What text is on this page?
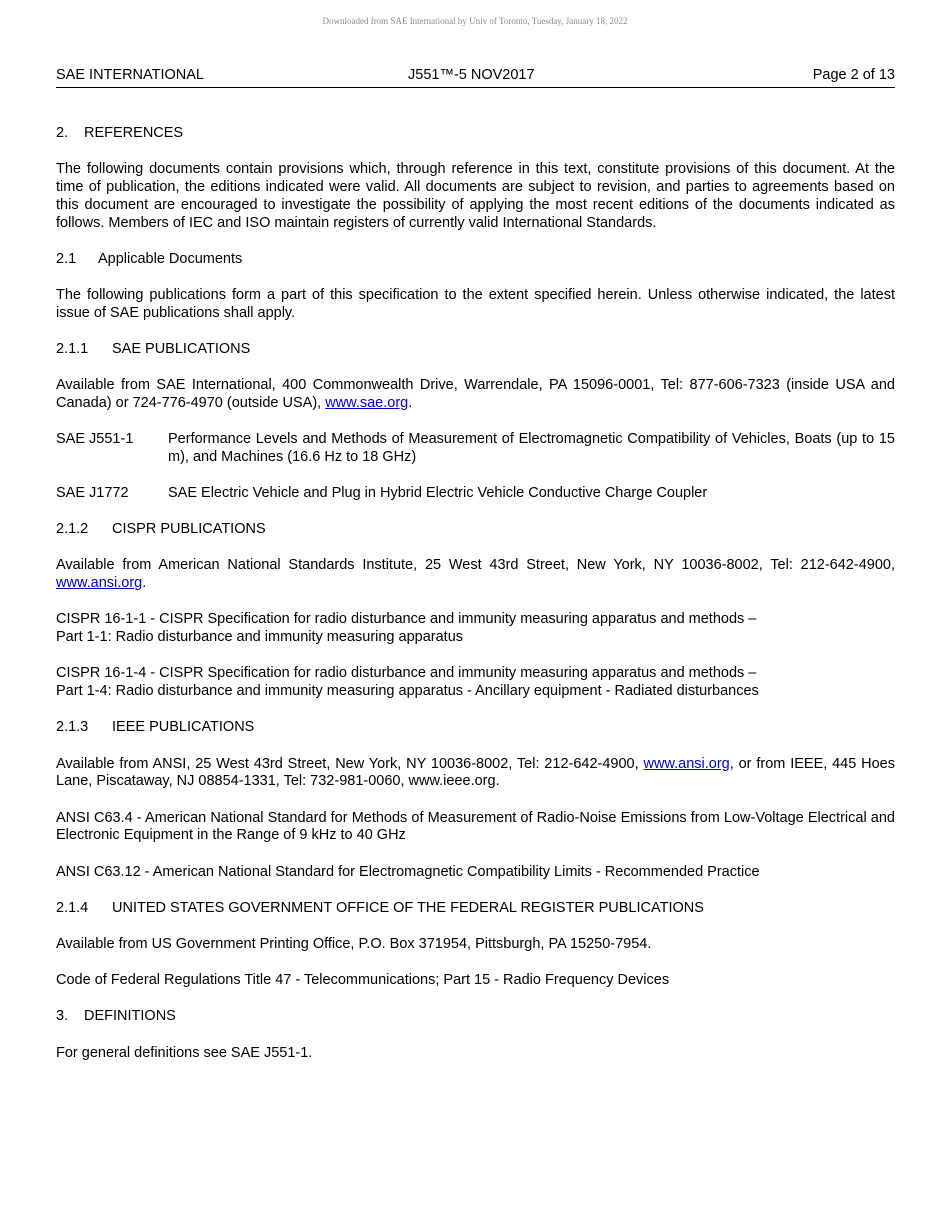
Downloaded from SAE International by Univ of Toronto, Tuesday, January 18, 2022
SAE INTERNATIONAL	J551™-5 NOV2017	Page 2 of 13
2. REFERENCES

The following documents contain provisions which, through reference in this text, constitute provisions of this document. At the time of publication, the editions indicated were valid. All documents are subject to revision, and parties to agreements based on this document are encouraged to investigate the possibility of applying the most recent editions of the documents indicated as follows. Members of IEC and ISO maintain registers of currently valid International Standards.

2.1 Applicable Documents

The following publications form a part of this specification to the extent specified herein. Unless otherwise indicated, the latest issue of SAE publications shall apply.

2.1.1 SAE PUBLICATIONS

Available from SAE International, 400 Commonwealth Drive, Warrendale, PA 15096-0001, Tel: 877-606-7323 (inside USA and Canada) or 724-776-4970 (outside USA), www.sae.org.

SAE J551-1	Performance Levels and Methods of Measurement of Electromagnetic Compatibility of Vehicles, Boats (up to 15 m), and Machines (16.6 Hz to 18 GHz)
SAE J1772	SAE Electric Vehicle and Plug in Hybrid Electric Vehicle Conductive Charge Coupler
2.1.2 CISPR PUBLICATIONS

Available from American National Standards Institute, 25 West 43rd Street, New York, NY 10036-8002, Tel: 212-642-4900, www.ansi.org.

CISPR 16-1-1 - CISPR Specification for radio disturbance and immunity measuring apparatus and methods –
Part 1-1: Radio disturbance and immunity measuring apparatus

CISPR 16-1-4 - CISPR Specification for radio disturbance and immunity measuring apparatus and methods –
Part 1-4: Radio disturbance and immunity measuring apparatus - Ancillary equipment - Radiated disturbances

2.1.3 IEEE PUBLICATIONS

Available from ANSI, 25 West 43rd Street, New York, NY 10036-8002, Tel: 212-642-4900, www.ansi.org, or from IEEE, 445 Hoes Lane, Piscataway, NJ 08854-1331, Tel: 732-981-0060, www.ieee.org.

ANSI C63.4 - American National Standard for Methods of Measurement of Radio-Noise Emissions from Low-Voltage Electrical and Electronic Equipment in the Range of 9 kHz to 40 GHz

ANSI C63.12 - American National Standard for Electromagnetic Compatibility Limits - Recommended Practice

2.1.4 UNITED STATES GOVERNMENT OFFICE OF THE FEDERAL REGISTER PUBLICATIONS

Available from US Government Printing Office, P.O. Box 371954, Pittsburgh, PA 15250-7954.

Code of Federal Regulations Title 47 - Telecommunications; Part 15 - Radio Frequency Devices

3. DEFINITIONS

For general definitions see SAE J551-1.
